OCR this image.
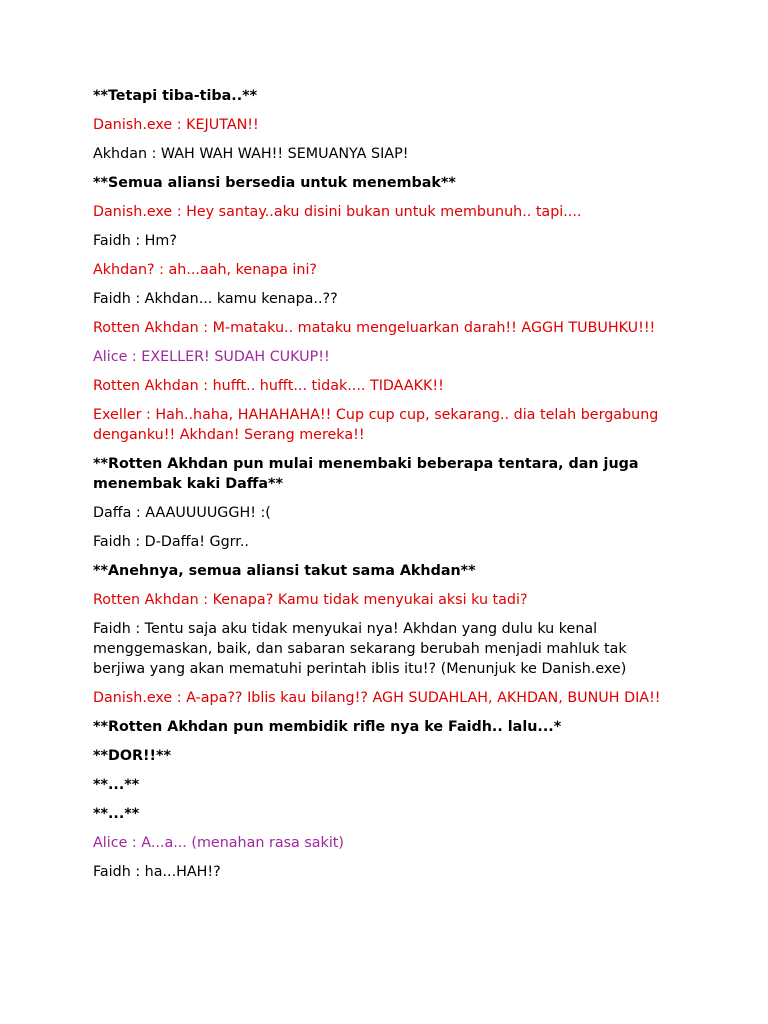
**Tetapi tiba-tiba..**

Danish.exe : KEJUTAN!!

Akhdan : WAH WAH WAH!! SEMUANYA SIAP!

**Semua aliansi bersedia untuk menembak**

Danish.exe : Hey santay..aku disini bukan untuk membunuh.. tapi....

Faidh : Hm?

Akhdan? : ah...aah, kenapa ini?

Faidh : Akhdan... kamu kenapa..??

Rotten Akhdan : M-mataku.. mataku mengeluarkan darah!! AGGH TUBUHKU!!!

Alice : EXELLER! SUDAH CUKUP!!

Rotten Akhdan : hufft.. hufft... tidak.... TIDAAKK!!

Exeller : Hah..haha, HAHAHAHA!! Cup cup cup, sekarang.. dia telah bergabung denganku!! Akhdan! Serang mereka!!

**Rotten Akhdan pun mulai menembaki beberapa tentara, dan juga menembak kaki Daffa**

Daffa : AAAUUUUGGH! :(

Faidh : D-Daffa! Ggrr..

**Anehnya, semua aliansi takut sama Akhdan**

Rotten Akhdan : Kenapa? Kamu tidak menyukai aksi ku tadi?

Faidh : Tentu saja aku tidak menyukai nya! Akhdan yang dulu ku kenal menggemaskan, baik, dan sabaran sekarang berubah menjadi mahluk tak berjiwa yang akan mematuhi perintah iblis itu!? (Menunjuk ke Danish.exe)

Danish.exe : A-apa?? Iblis kau bilang!? AGH SUDAHLAH, AKHDAN, BUNUH DIA!!

**Rotten Akhdan pun membidik rifle nya ke Faidh.. lalu...*

**DOR!!**

**...**

**...**

Alice : A...a... (menahan rasa sakit)

Faidh : ha...HAH!?
